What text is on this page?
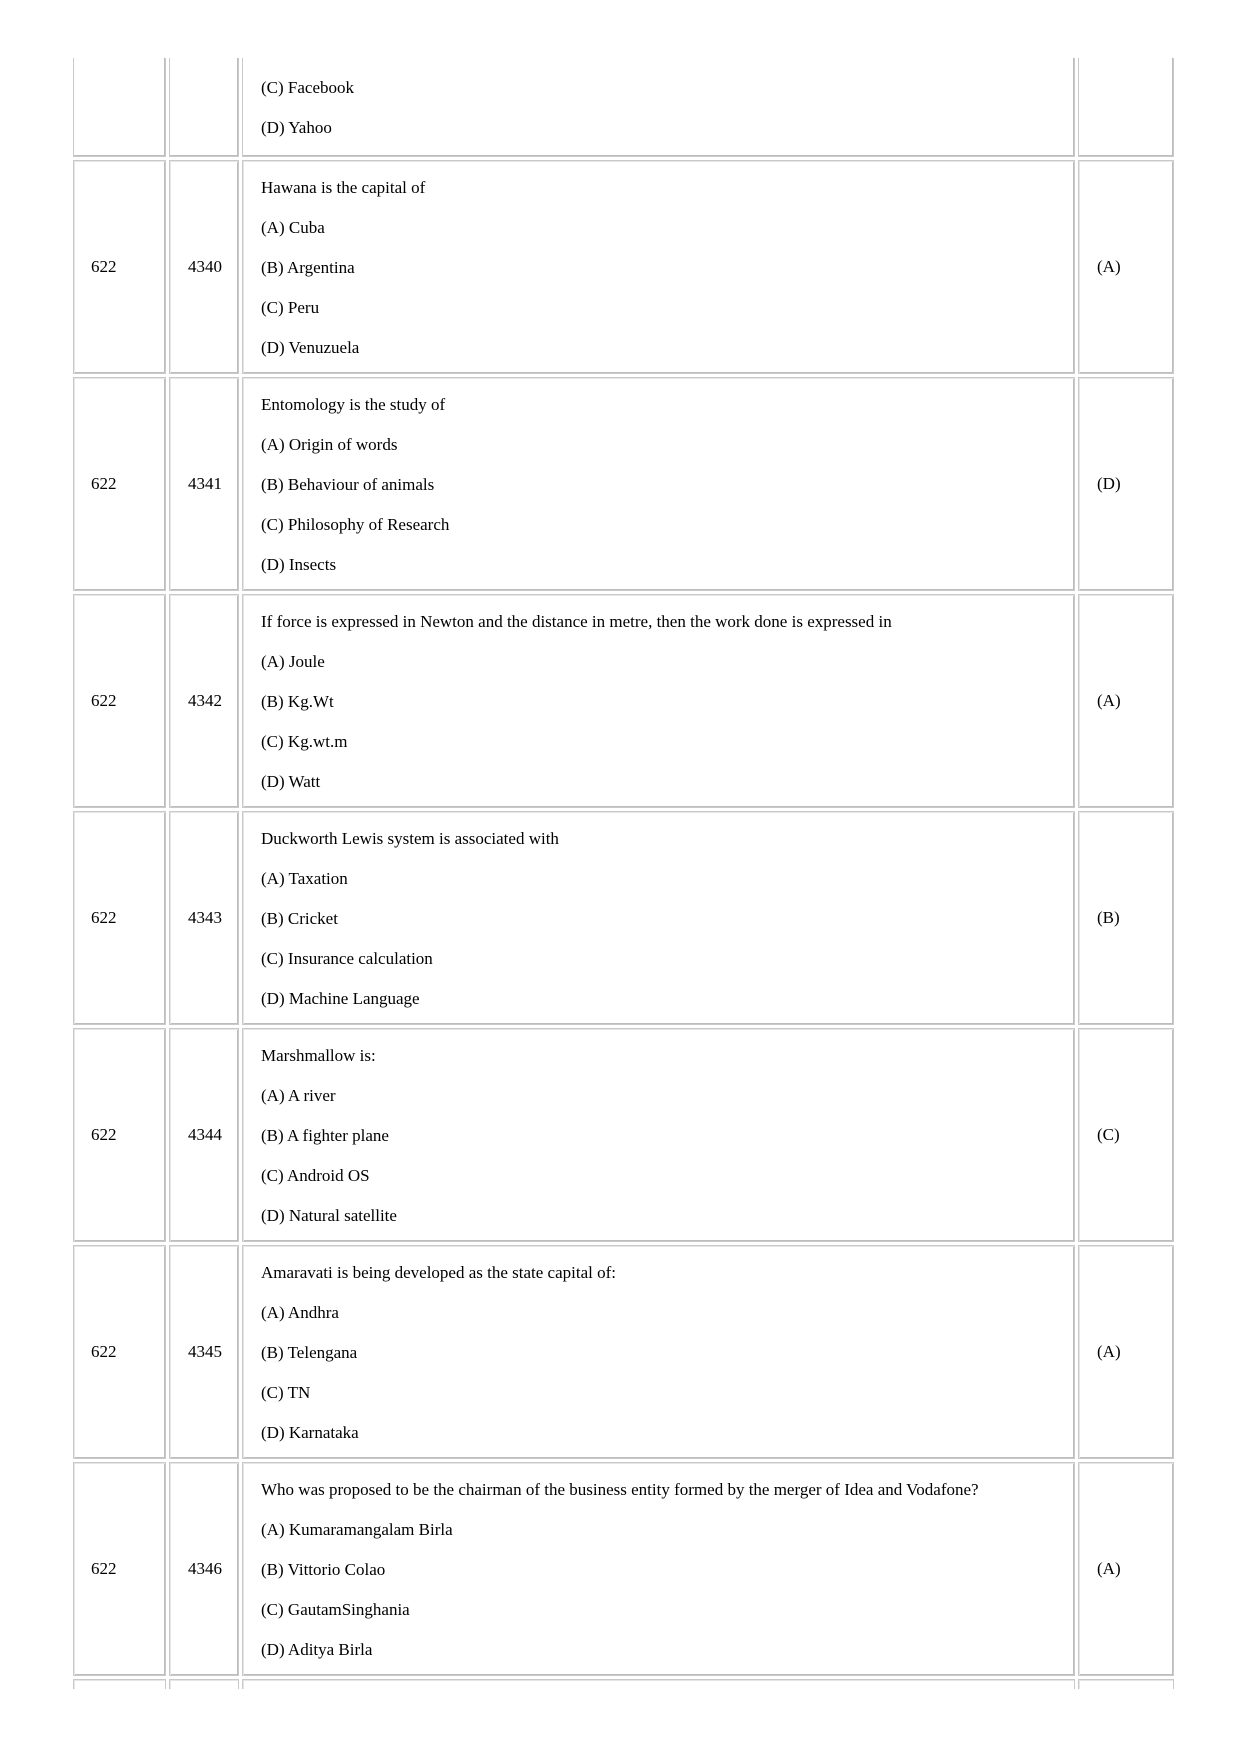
(C) Facebook
(D) Yahoo
622	4340
Hawana is the capital of
(A) Cuba
(B) Argentina
(C) Peru
(D) Venuzuela
(A)
622	4341
Entomology is the study of
(A) Origin of words
(B) Behaviour of animals
(C) Philosophy of Research
(D) Insects
(D)
622	4342
If force is expressed in Newton and the distance in metre, then the work done is expressed in
(A) Joule
(B) Kg.Wt
(C) Kg.wt.m
(D) Watt
(A)
622	4343
Duckworth Lewis system is associated with
(A) Taxation
(B) Cricket
(C) Insurance calculation
(D) Machine Language
(B)
622	4344
Marshmallow is:
(A) A river
(B) A fighter plane
(C) Android OS
(D) Natural satellite
(C)
622	4345
Amaravati is being developed as the state capital of:
(A) Andhra
(B) Telengana
(C) TN
(D) Karnataka
(A)
622	4346
Who was proposed to be the chairman of the business entity formed by the merger of Idea and Vodafone?
(A) Kumaramangalam Birla
(B) Vittorio Colao
(C) GautamSinghania
(D) Aditya Birla
(A)
